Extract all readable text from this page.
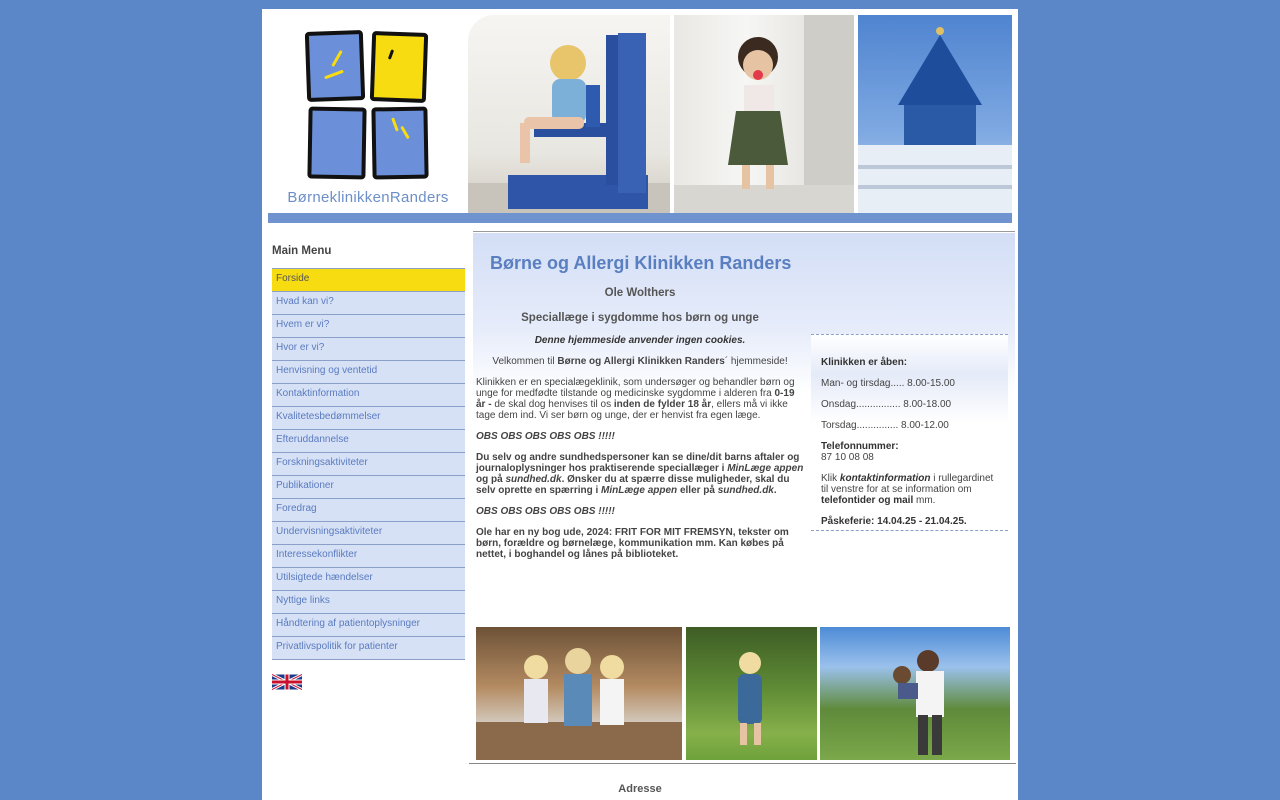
BørneklinikkenRanders
Main Menu
Forside
Hvad kan vi?
Hvem er vi?
Hvor er vi?
Henvisning og ventetid
Kontaktinformation
Kvalitetesbedømmelser
Efteruddannelse
Forskningsaktiviteter
Publikationer
Foredrag
Undervisningsaktiviteter
Interessekonflikter
Utilsigtede hændelser
Nyttige links
Håndtering af patientoplysninger
Privatlivspolitik for patienter
Børne og Allergi Klinikken Randers
Ole Wolthers
Speciallæge i sygdomme hos børn og unge
Denne hjemmeside anvender ingen cookies.
Velkommen til Børne og Allergi Klinikken Randers´ hjemmeside!
Klinikken er en specialægeklinik, som undersøger og behandler børn og unge for medfødte tilstande og medicinske sygdomme i alderen fra 0-19 år - de skal dog henvises til os inden de fylder 18 år, ellers må vi ikke tage dem ind. Vi ser børn og unge, der er henvist fra egen læge.
OBS OBS OBS OBS OBS !!!!!
Du selv og andre sundhedspersoner kan se dine/dit barns aftaler og journaloplysninger hos praktiserende speciallæger i MinLæge appen og på sundhed.dk. Ønsker du at spærre disse muligheder, skal du selv oprette en spærring i MinLæge appen eller på sundhed.dk.
OBS OBS OBS OBS OBS !!!!!
Ole har en ny bog ude, 2024: FRIT FOR MIT FREMSYN, tekster om børn, forældre og børnelæge, kommunikation mm. Kan købes på nettet, i boghandel og lånes på biblioteket.
Klinikken er åben:
Man- og tirsdag..... 8.00-15.00
Onsdag................ 8.00-18.00
Torsdag............... 8.00-12.00
Telefonnummer:
87 10 08 08
Klik kontaktinformation i rullegardinet til venstre for at se information om telefontider og mail mm.
Påskeferie: 14.04.25 - 21.04.25.
Adresse
